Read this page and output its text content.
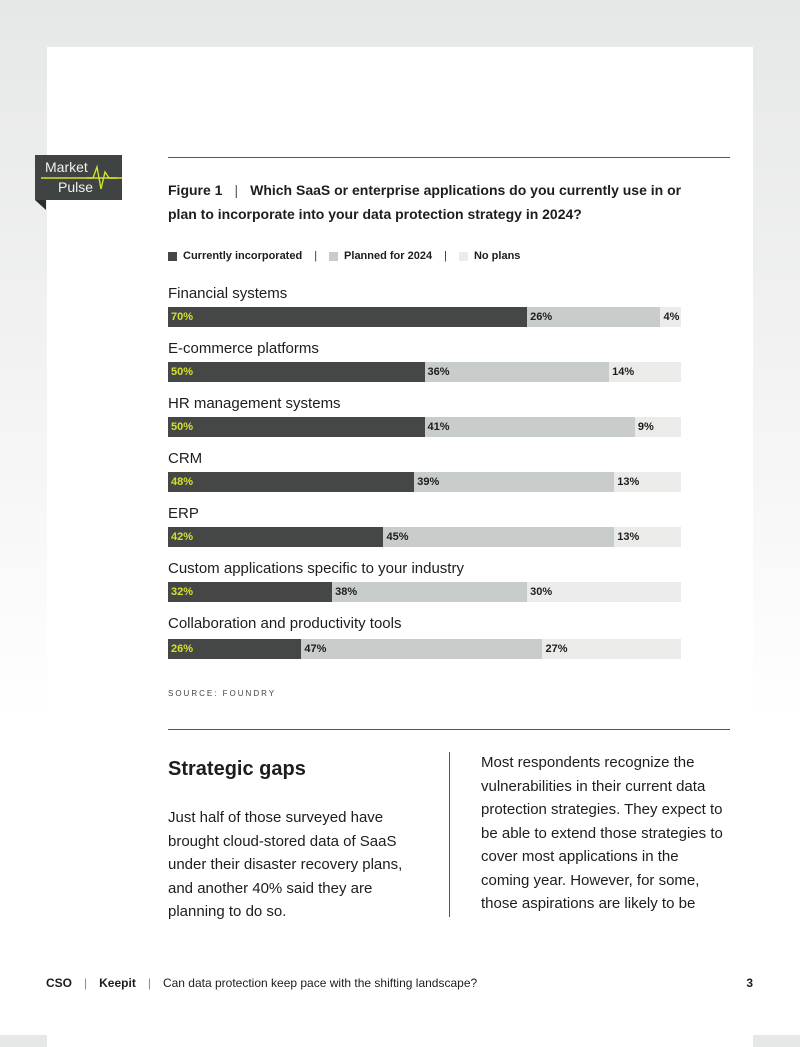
Market
Pulse	Figure 1 | Which SaaS or enterprise applications do you currently use in or plan to incorporate into your data protection strategy in 2024?
Currently incorporated | Planned for 2024 | No plans
Financial systems
70%	26%	4%
E-commerce platforms
50%	36%	14%
HR management systems
50%	41%	9%
CRM
48%	39%	13%
ERP
42%	45%	13%
Custom applications specific to your industry
32%	38%	30%
Collaboration and productivity tools
26%	47%	27%
SOURCE: FOUNDRY
Strategic gaps
Just half of those surveyed have brought cloud-stored data of SaaS under their disaster recovery plans, and another 40% said they are planning to do so.
Most respondents recognize the vulnerabilities in their current data protection strategies. They expect to be able to extend those strategies to cover most applications in the coming year. However, for some, those aspirations are likely to be
CSO | Keepit | Can data protection keep pace with the shifting landscape?	3
